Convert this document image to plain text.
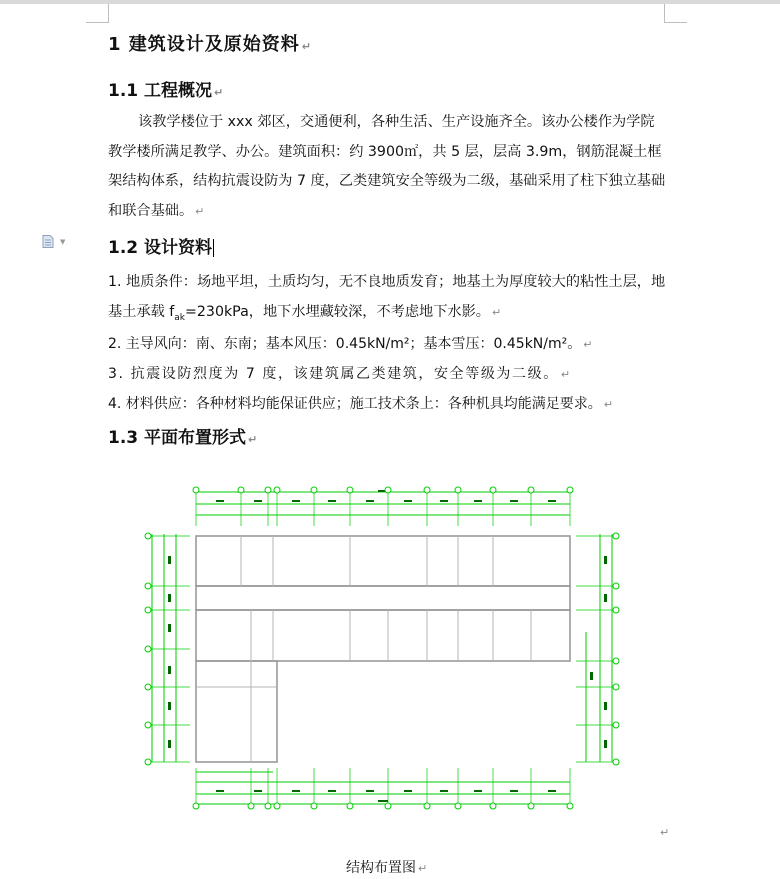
1 建筑设计及原始资料 ↵
1.1 工程概况 ↵
该教学楼位于 xxx 郊区，交通便利，各种生活、生产设施齐全。该办公楼作为学院教学楼所满足教学、办公。建筑面积：约 3900㎡，共 5 层，层高 3.9m，钢筋混凝土框架结构体系，结构抗震设防为 7 度，乙类建筑安全等级为二级，基础采用了柱下独立基础和联合基础。 ↵
▼	1.2 设计资料
1. 地质条件：场地平坦，土质均匀，无不良地质发育；地基土为厚度较大的粘性土层，地基土承载 $f_{ak}=230kPa$，地下水埋藏较深，不考虑地下水影。 ↵
2. 主导风向：南、东南；基本风压：0.45kN/m²；基本雪压：0.45kN/m²。 ↵
3. 抗震设防烈度为 7 度，该建筑属乙类建筑，安全等级为二级。 ↵
4. 材料供应：各种材料均能保证供应；施工技术条上：各种机具均能满足要求。 ↵
1.3 平面布置形式 ↵
↵
结构布置图 ↵
